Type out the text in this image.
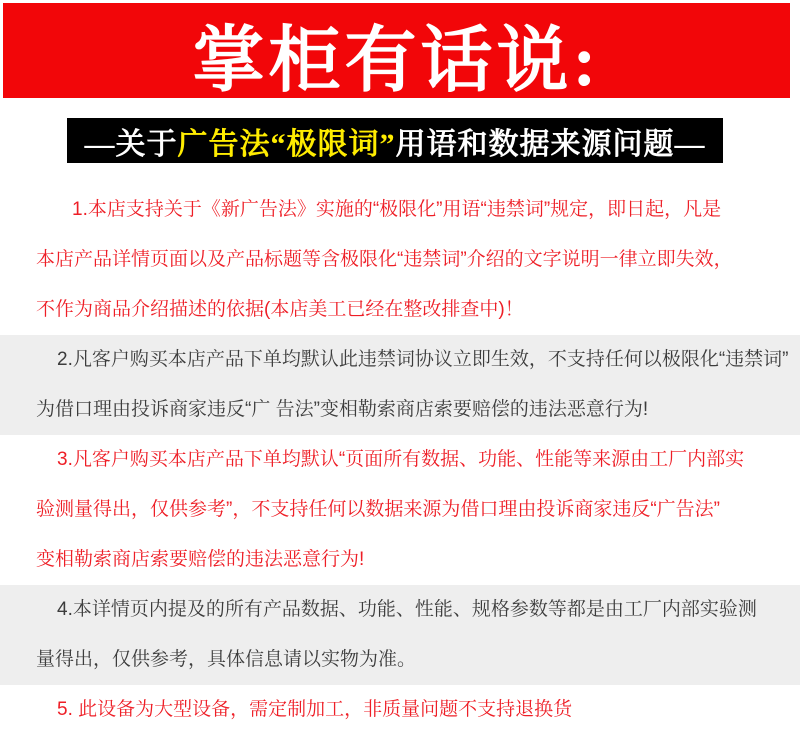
掌柜有话说:
—关于 广告法“极限词” 用语和数据来源问题—
1.本店支持关于《新广告法》实施的“极限化”用语“违禁词”规定，即日起，凡是
本店产品详情页面以及产品标题等含极限化“违禁词”介绍的文字说明一律立即失效，
不作为商品介绍描述的依据(本店美工已经在整改排查中)！
2.凡客户购买本店产品下单均默认此违禁词协议立即生效，不支持任何以极限化“违禁词”
为借口理由投诉商家违反“广 告法”变相勒索商店索要赔偿的违法恶意行为!
3.凡客户购买本店产品下单均默认“页面所有数据、功能、性能等来源由工厂内部实
验测量得出，仅供参考”，不支持任何以数据来源为借口理由投诉商家违反“广告法”
变相勒索商店索要赔偿的违法恶意行为!
4.本详情页内提及的所有产品数据、功能、性能、规格参数等都是由工厂内部实验测
量得出，仅供参考，具体信息请以实物为准。
5. 此设备为大型设备，需定制加工，非质量问题不支持退换货
